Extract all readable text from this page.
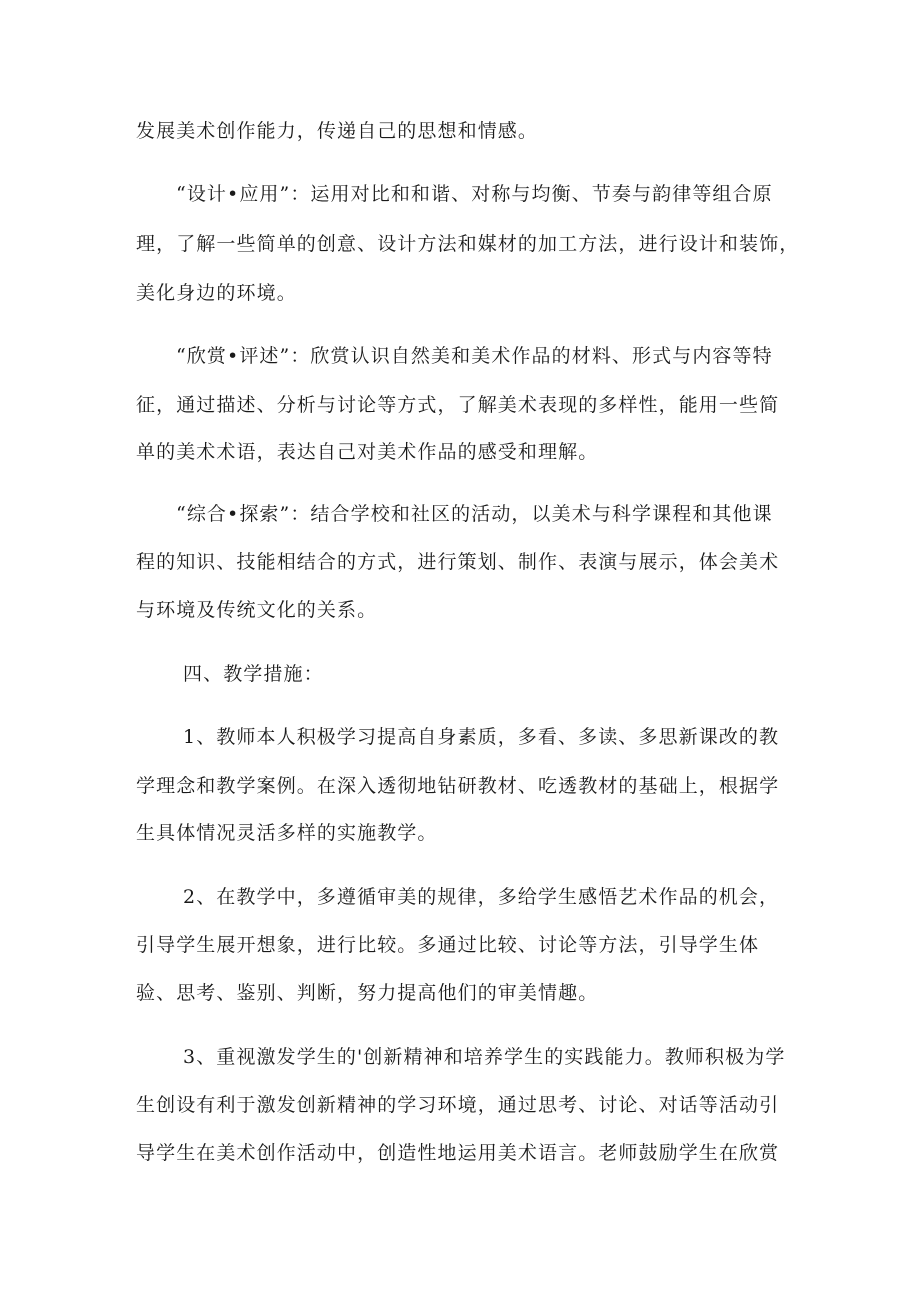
发展美术创作能力，传递自己的思想和情感。
“设计•应用”：运用对比和和谐、对称与均衡、节奏与韵律等组合原
理，了解一些简单的创意、设计方法和媒材的加工方法，进行设计和装饰，
美化身边的环境。
“欣赏•评述”：欣赏认识自然美和美术作品的材料、形式与内容等特
征，通过描述、分析与讨论等方式，了解美术表现的多样性，能用一些简
单的美术术语，表达自己对美术作品的感受和理解。
“综合•探索”：结合学校和社区的活动，以美术与科学课程和其他课
程的知识、技能相结合的方式，进行策划、制作、表演与展示，体会美术
与环境及传统文化的关系。
四、教学措施：
1、教师本人积极学习提高自身素质，多看、多读、多思新课改的教
学理念和教学案例。在深入透彻地钻研教材、吃透教材的基础上，根据学
生具体情况灵活多样的实施教学。
2、在教学中，多遵循审美的规律，多给学生感悟艺术作品的机会，
引导学生展开想象，进行比较。多通过比较、讨论等方法，引导学生体
验、思考、鉴别、判断，努力提高他们的审美情趣。
3、重视激发学生的'创新精神和培养学生的实践能力。教师积极为学
生创设有利于激发创新精神的学习环境，通过思考、讨论、对话等活动引
导学生在美术创作活动中，创造性地运用美术语言。老师鼓励学生在欣赏
